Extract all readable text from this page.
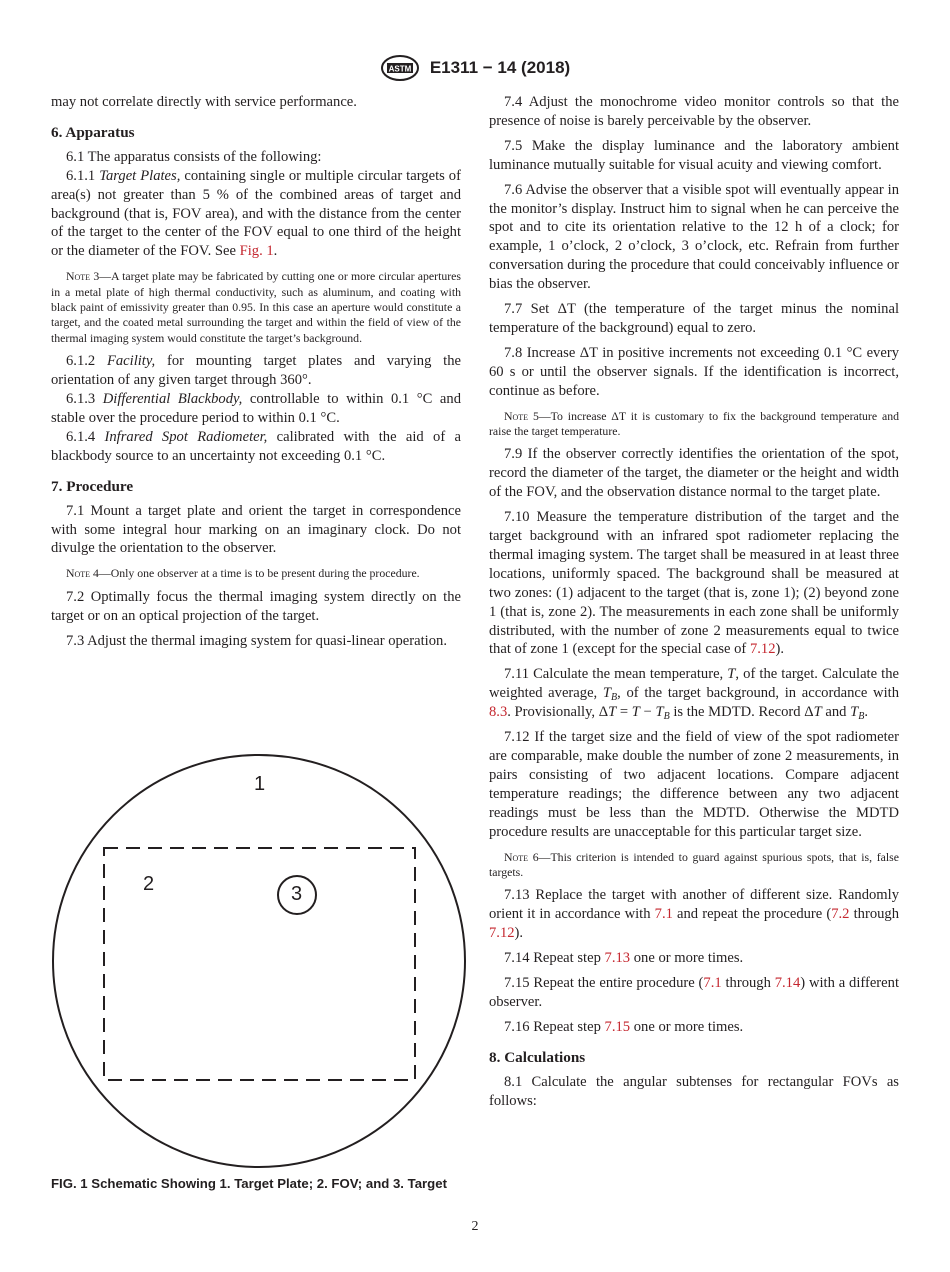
ASTM E1311 − 14 (2018)

may not correlate directly with service performance.

6. Apparatus

6.1 The apparatus consists of the following:

6.1.1 Target Plates, containing single or multiple circular targets of area(s) not greater than 5 % of the combined areas of target and background (that is, FOV area), and with the distance from the center of the target to the center of the FOV equal to one third of the height or the diameter of the FOV. See Fig. 1.

Note 3—A target plate may be fabricated by cutting one or more circular apertures in a metal plate of high thermal conductivity, such as aluminum, and coating with black paint of emissivity greater than 0.95. In this case an aperture would constitute a target, and the coated metal surrounding the target and within the field of view of the thermal imaging system would constitute the target’s background.

6.1.2 Facility, for mounting target plates and varying the orientation of any given target through 360°.

6.1.3 Differential Blackbody, controllable to within 0.1 °C and stable over the procedure period to within 0.1 °C.

6.1.4 Infrared Spot Radiometer, calibrated with the aid of a blackbody source to an uncertainty not exceeding 0.1 °C.

7. Procedure

7.1 Mount a target plate and orient the target in correspondence with some integral hour marking on an imaginary clock. Do not divulge the orientation to the observer.

Note 4—Only one observer at a time is to be present during the procedure.

7.2 Optimally focus the thermal imaging system directly on the target or on an optical projection of the target.

7.3 Adjust the thermal imaging system for quasi-linear operation.

1
2	3
FIG. 1 Schematic Showing 1. Target Plate; 2. FOV; and 3. Target

7.4 Adjust the monochrome video monitor controls so that the presence of noise is barely perceivable by the observer.

7.5 Make the display luminance and the laboratory ambient luminance mutually suitable for visual acuity and viewing comfort.

7.6 Advise the observer that a visible spot will eventually appear in the monitor’s display. Instruct him to signal when he can perceive the spot and to cite its orientation relative to the 12 h of a clock; for example, 1 o’clock, 2 o’clock, 3 o’clock, etc. Refrain from further conversation during the procedure that could conceivably influence or bias the observer.

7.7 Set ΔT (the temperature of the target minus the nominal temperature of the background) equal to zero.

7.8 Increase ΔT in positive increments not exceeding 0.1 °C every 60 s or until the observer signals. If the identification is incorrect, continue as before.

Note 5—To increase ΔT it is customary to fix the background temperature and raise the target temperature.

7.9 If the observer correctly identifies the orientation of the spot, record the diameter of the target, the diameter or the height and width of the FOV, and the observation distance normal to the target plate.

7.10 Measure the temperature distribution of the target and the target background with an infrared spot radiometer replacing the thermal imaging system. The target shall be measured in at least three locations, uniformly spaced. The background shall be measured at two zones: (1) adjacent to the target (that is, zone 1); (2) beyond zone 1 (that is, zone 2). The measurements in each zone shall be uniformly distributed, with the number of zone 2 measurements equal to twice that of zone 1 (except for the special case of 7.12).

7.11 Calculate the mean temperature, T, of the target. Calculate the weighted average, $T_B$, of the target background, in accordance with 8.3. Provisionally, $\Delta T = T - T_B$ is the MDTD. Record ΔT and $T_B$.

7.12 If the target size and the field of view of the spot radiometer are comparable, make double the number of zone 2 measurements, in pairs consisting of two adjacent locations. Compare adjacent temperature readings; the difference between any two adjacent readings must be less than the MDTD. Otherwise the MDTD procedure results are unacceptable for this particular target size.

Note 6—This criterion is intended to guard against spurious spots, that is, false targets.

7.13 Replace the target with another of different size. Randomly orient it in accordance with 7.1 and repeat the procedure (7.2 through 7.12).

7.14 Repeat step 7.13 one or more times.

7.15 Repeat the entire procedure (7.1 through 7.14) with a different observer.

7.16 Repeat step 7.15 one or more times.

8. Calculations

8.1 Calculate the angular subtenses for rectangular FOVs as follows:

2
